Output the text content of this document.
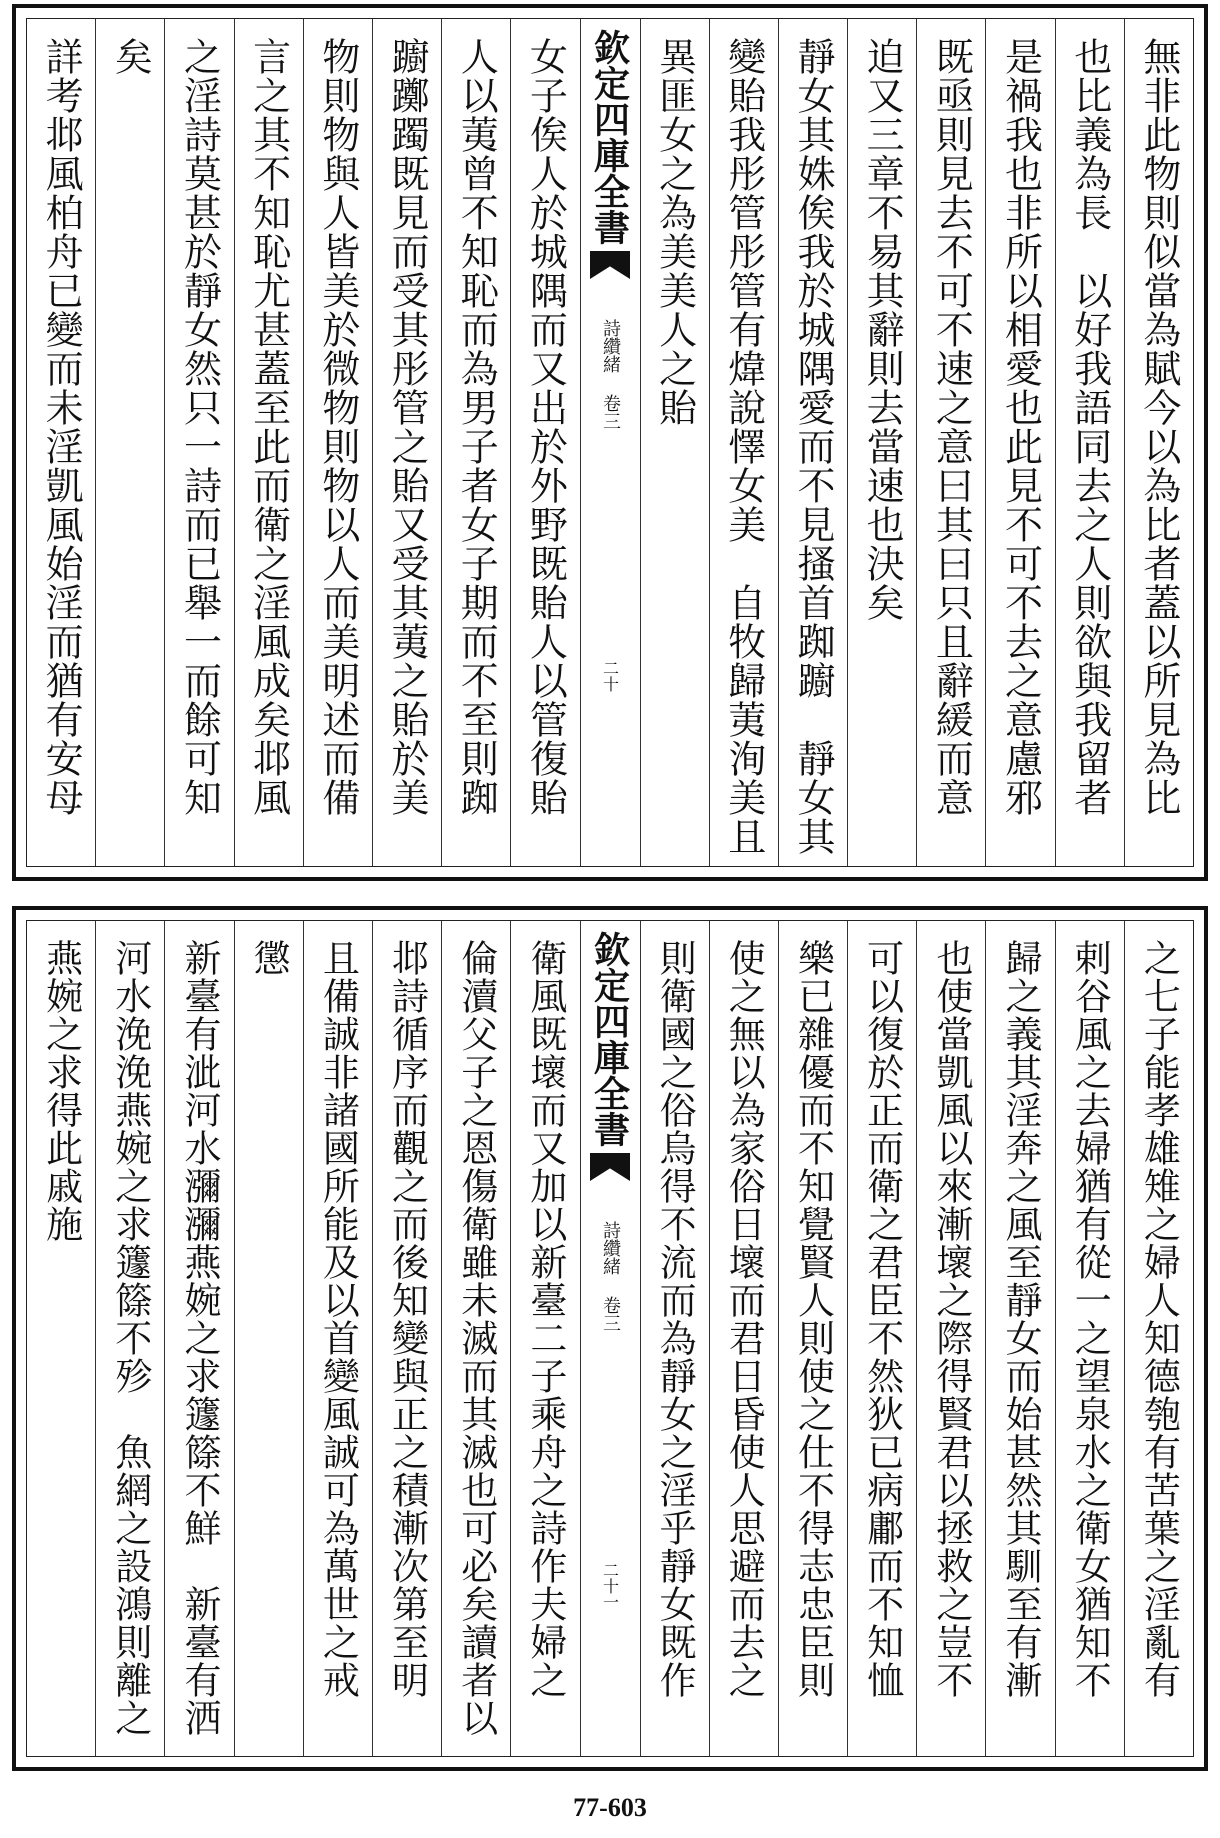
無非此物則似當為賦今以為比者蓋以所見為比
也比義為長　以好我語同去之人則欲與我留者
是禍我也非所以相愛也此見不可不去之意慮邪
既亟則見去不可不速之意曰其曰只且辭緩而意
迫又三章不易其辭則去當速也決矣
靜女其姝俟我於城隅愛而不見搔首踟躕　靜女其
變貽我彤管彤管有煒說懌女美　自牧歸荑洵美且
異匪女之為美美人之貽
欽定四庫全書
詩纘緒 卷三
二十
女子俟人於城隅而又出於外野既貽人以管復貽
人以荑曾不知恥而為男子者女子期而不至則踟
躕躑躅既見而受其彤管之貽又受其荑之貽於美
物則物與人皆美於微物則物以人而美明述而備
言之其不知恥尤甚蓋至此而衛之淫風成矣邶風
之淫詩莫甚於靜女然只一詩而已舉一而餘可知
矣
詳考邶風柏舟已變而未淫凱風始淫而猶有安母
之七子能孝雄雉之婦人知德匏有苦葉之淫亂有
剌谷風之去婦猶有從一之望泉水之衛女猶知不
歸之義其淫奔之風至靜女而始甚然其馴至有漸
也使當凱風以來漸壞之際得賢君以拯救之豈不
可以復於正而衛之君臣不然狄已病鄘而不知恤
樂已雜優而不知覺賢人則使之仕不得志忠臣則
使之無以為家俗日壞而君日昏使人思避而去之
則衛國之俗烏得不流而為靜女之淫乎靜女既作
欽定四庫全書
詩纘緒 卷三
二十一
衛風既壞而又加以新臺二子乘舟之詩作夫婦之
倫瀆父子之恩傷衛雖未滅而其滅也可必矣讀者以
邶詩循序而觀之而後知變與正之積漸次第至明
且備誠非諸國所能及以首變風誠可為萬世之戒
懲
新臺有泚河水瀰瀰燕婉之求籧篨不鮮　新臺有洒
河水浼浼燕婉之求籧篨不殄　魚網之設鴻則離之
燕婉之求得此戚施
77-603
